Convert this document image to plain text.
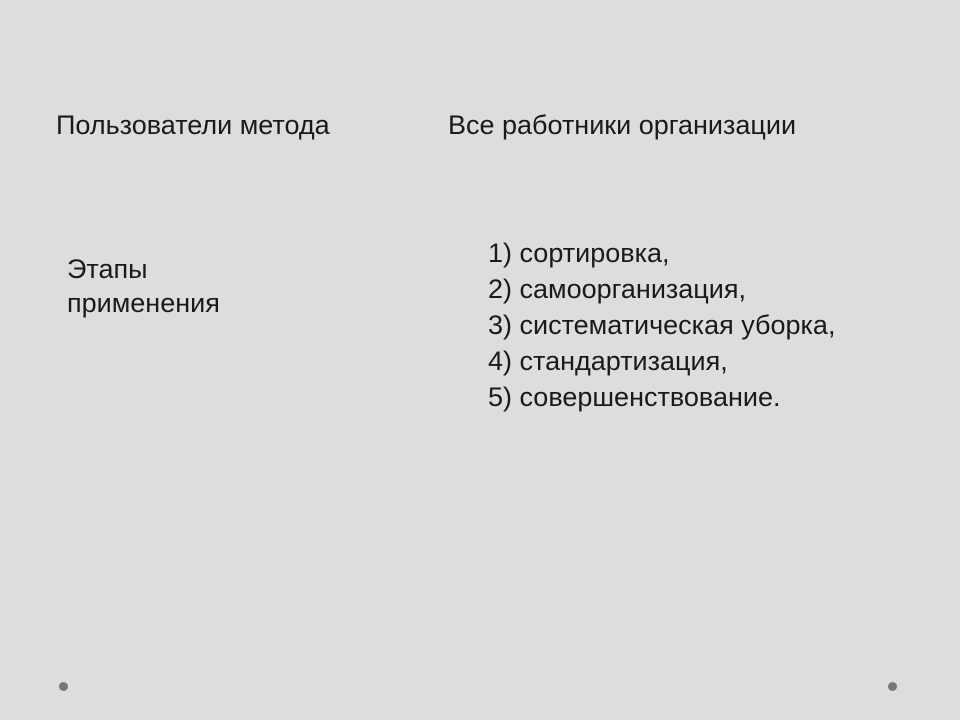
Пользователи метода	Все работники организации

Этапы
применения

1) сортировка,
2) самоорганизация,
3) систематическая уборка,
4) стандартизация,
5) совершенствование.
